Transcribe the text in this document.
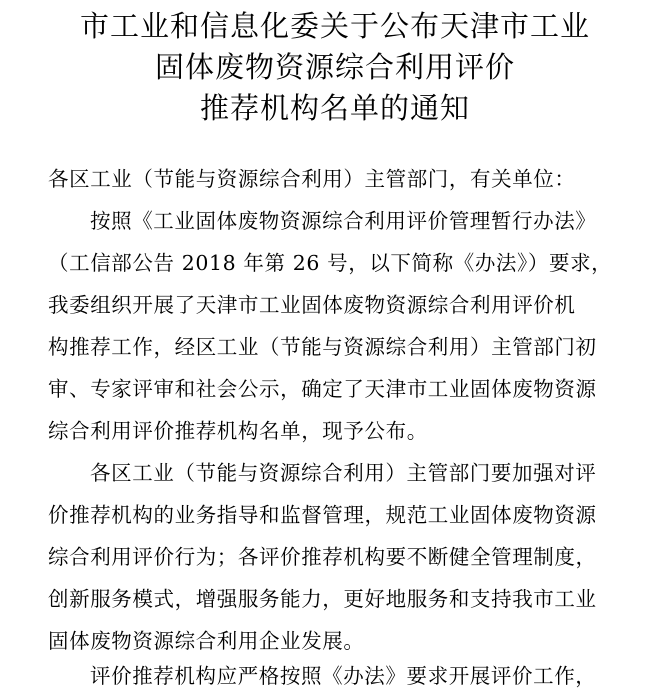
市工业和信息化委关于公布天津市工业
固体废物资源综合利用评价
推荐机构名单的通知
各区工业（节能与资源综合利用）主管部门，有关单位：
按照《工业固体废物资源综合利用评价管理暂行办法》
（工信部公告 2018 年第 26 号，以下简称《办法》）要求，
我委组织开展了天津市工业固体废物资源综合利用评价机
构推荐工作，经区工业（节能与资源综合利用）主管部门初
审、专家评审和社会公示，确定了天津市工业固体废物资源
综合利用评价推荐机构名单，现予公布。
各区工业（节能与资源综合利用）主管部门要加强对评
价推荐机构的业务指导和监督管理，规范工业固体废物资源
综合利用评价行为；各评价推荐机构要不断健全管理制度，
创新服务模式，增强服务能力，更好地服务和支持我市工业
固体废物资源综合利用企业发展。
评价推荐机构应严格按照《办法》要求开展评价工作，
